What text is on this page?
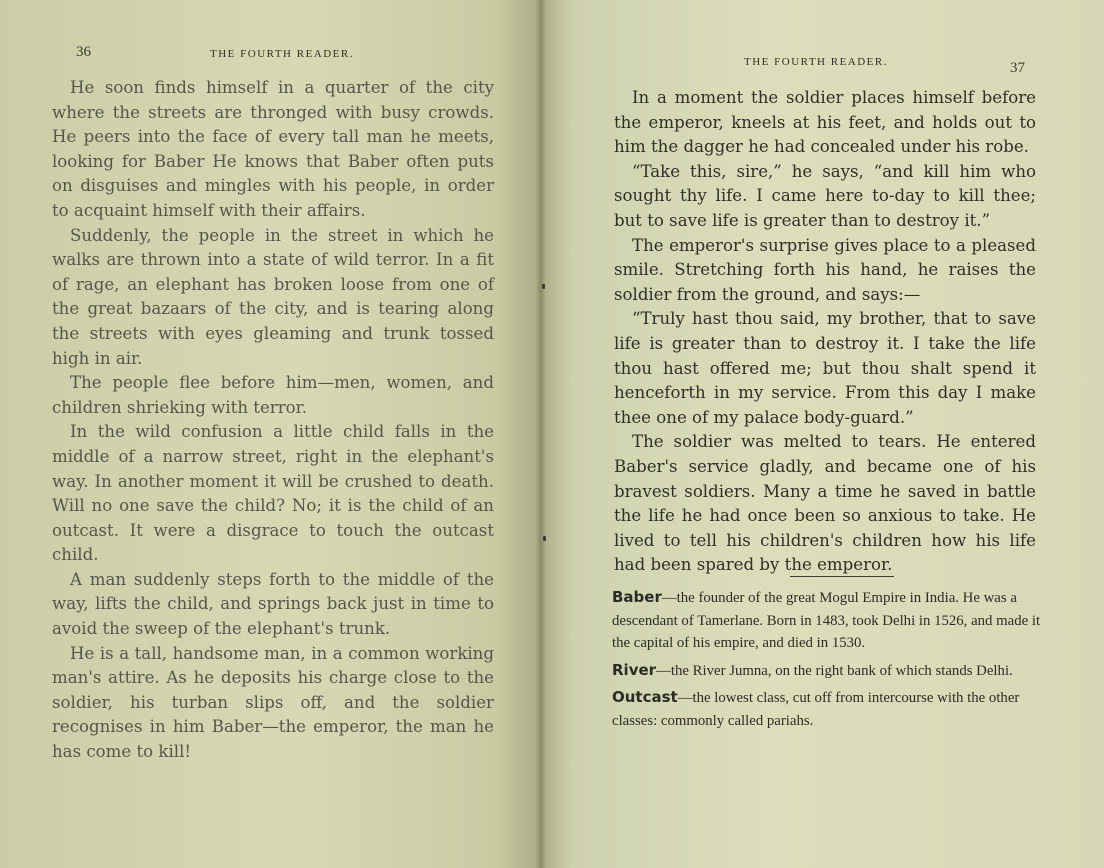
36	THE FOURTH READER.

He soon finds himself in a quarter of the city where the streets are thronged with busy crowds. He peers into the face of every tall man he meets, looking for Baber He knows that Baber often puts on disguises and mingles with his people, in order to acquaint himself with their affairs.

Suddenly, the people in the street in which he walks are thrown into a state of wild terror. In a fit of rage, an elephant has broken loose from one of the great bazaars of the city, and is tearing along the streets with eyes gleaming and trunk tossed high in air.

The people flee before him—men, women, and children shrieking with terror.

In the wild confusion a little child falls in the middle of a narrow street, right in the elephant's way. In another moment it will be crushed to death. Will no one save the child? No; it is the child of an outcast. It were a disgrace to touch the outcast child.

A man suddenly steps forth to the middle of the way, lifts the child, and springs back just in time to avoid the sweep of the elephant's trunk.

He is a tall, handsome man, in a common working man's attire. As he deposits his charge close to the soldier, his turban slips off, and the soldier recognises in him Baber—the emperor, the man he has come to kill!

THE FOURTH READER.	37

In a moment the soldier places himself before the emperor, kneels at his feet, and holds out to him the dagger he had concealed under his robe.

“Take this, sire,” he says, “and kill him who sought thy life. I came here to-day to kill thee; but to save life is greater than to destroy it.”

The emperor's surprise gives place to a pleased smile. Stretching forth his hand, he raises the soldier from the ground, and says:—

“Truly hast thou said, my brother, that to save life is greater than to destroy it. I take the life thou hast offered me; but thou shalt spend it henceforth in my service. From this day I make thee one of my palace body-guard.”

The soldier was melted to tears. He entered Baber's service gladly, and became one of his bravest soldiers. Many a time he saved in battle the life he had once been so anxious to take. He lived to tell his children's children how his life had been spared by the emperor.

Baber—the founder of the great Mogul Empire in India. He was a descendant of Tamerlane. Born in 1483, took Delhi in 1526, and made it the capital of his empire, and died in 1530.

River—the River Jumna, on the right bank of which stands Delhi.

Outcast—the lowest class, cut off from intercourse with the other classes: commonly called pariahs.
